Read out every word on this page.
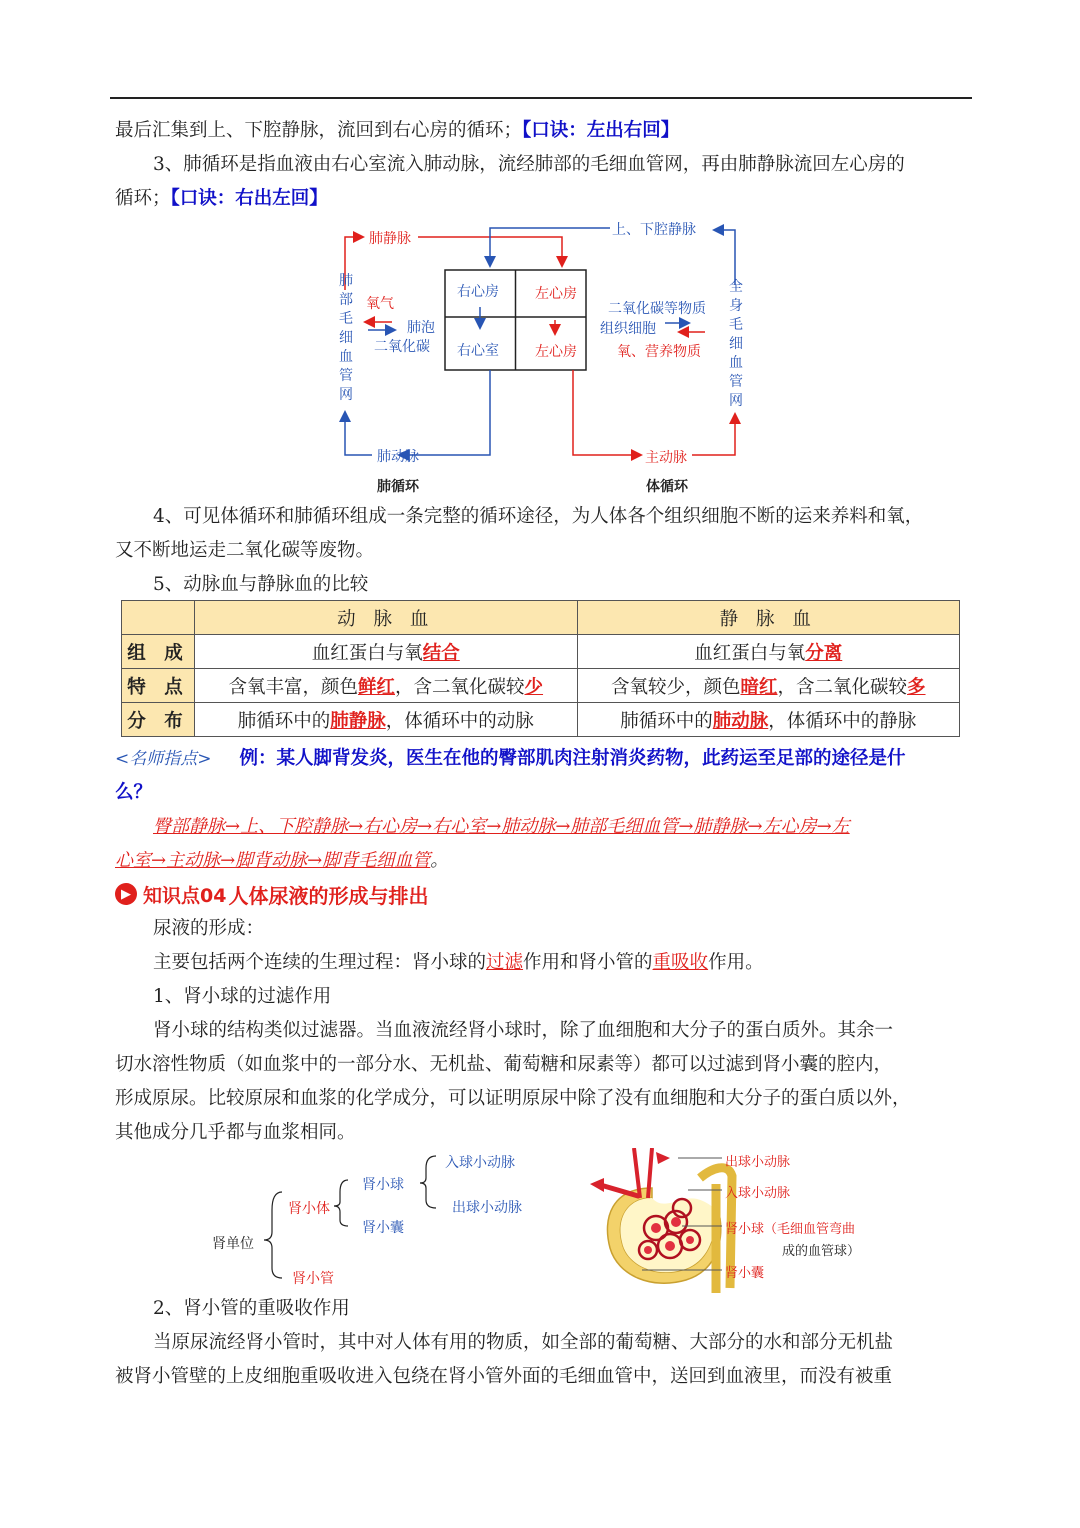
最后汇集到上、下腔静脉，流回到右心房的循环；【口诀：左出右回】
3、肺循环是指血液由右心室流入肺动脉，流经肺部的毛细血管网，再由肺静脉流回左心房的
循环；【口诀：右出左回】
肺静脉
上、下腔静脉
肺
部
毛
细
血
管
网
全
身
毛
细
血
管
网
氧气
肺泡
二氧化碳
右心房	左心房
右心室	左心房
二氧化碳等物质
组织细胞
氧、营养物质
肺动脉	主动脉
肺循环	体循环
4、可见体循环和肺循环组成一条完整的循环途径，为人体各个组织细胞不断的运来养料和氧，
又不断地运走二氧化碳等废物。
5、动脉血与静脉血的比较
	动 脉 血	静 脉 血
组 成	血红蛋白与氧结合	血红蛋白与氧分离
特 点	含氧丰富，颜色鲜红，含二氧化碳较少	含氧较少，颜色暗红，含二氧化碳较多
分 布	肺循环中的肺静脉，体循环中的动脉	肺循环中的肺动脉，体循环中的静脉
<名师指点> 例：某人脚背发炎，医生在他的臀部肌肉注射消炎药物，此药运至足部的途径是什
么？
臀部静脉→上、下腔静脉→右心房→右心室→肺动脉→肺部毛细血管→肺静脉→左心房→左
心室→主动脉→脚背动脉→脚背毛细血管。
▶ 知识点04 人体尿液的形成与排出
尿液的形成：
主要包括两个连续的生理过程：肾小球的过滤作用和肾小管的重吸收作用。
1、肾小球的过滤作用
肾小球的结构类似过滤器。当血液流经肾小球时，除了血细胞和大分子的蛋白质外。其余一
切水溶性物质（如血浆中的一部分水、无机盐、葡萄糖和尿素等）都可以过滤到肾小囊的腔内，
形成原尿。比较原尿和血浆的化学成分，可以证明原尿中除了没有血细胞和大分子的蛋白质以外，
其他成分几乎都与血浆相同。
肾单位
肾小体
肾小管
肾小球
肾小囊
入球小动脉
出球小动脉
出球小动脉
入球小动脉
肾小球（毛细血管弯曲
成的血管球）
肾小囊
2、肾小管的重吸收作用
当原尿流经肾小管时，其中对人体有用的物质，如全部的葡萄糖、大部分的水和部分无机盐
被肾小管壁的上皮细胞重吸收进入包绕在肾小管外面的毛细血管中，送回到血液里，而没有被重
